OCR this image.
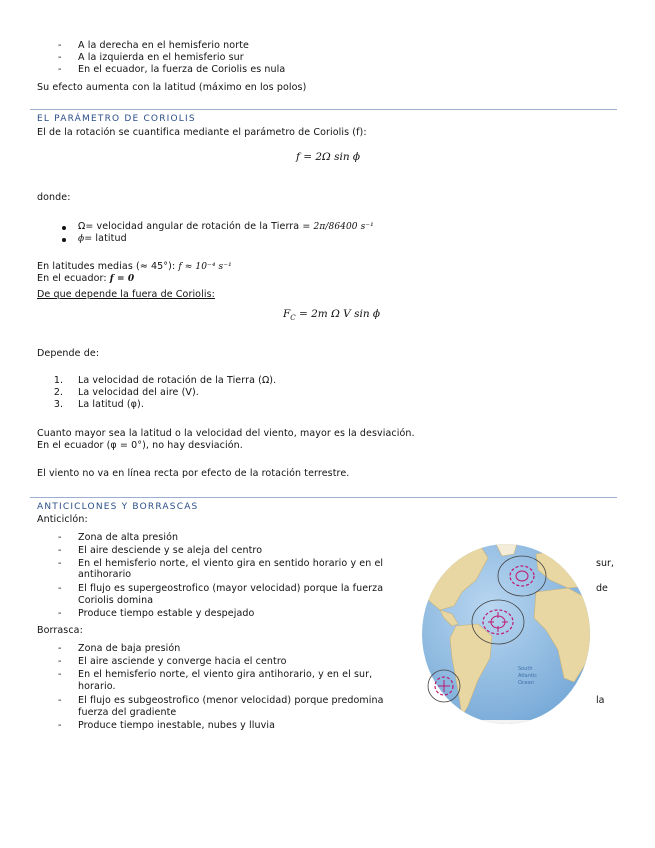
- A la derecha en el hemisferio norte
- A la izquierda en el hemisferio sur
- En el ecuador, la fuerza de Coriolis es nula
Su efecto aumenta con la latitud (máximo en los polos)
EL PARÁMETRO DE CORIOLIS
El de la rotación se cuantifica mediante el parámetro de Coriolis (f):
f = 2Ω sin ϕ
donde:
Ω= velocidad angular de rotación de la Tierra = 2π/86400 s⁻¹
ϕ= latitud
En latitudes medias (≈ 45°): f ≈ 10⁻⁴ s⁻¹
En el ecuador: f = 0
De que depende la fuera de Coriolis:
$F_C = 2m$ Ω V sin ϕ
Depende de:
1. La velocidad de rotación de la Tierra (Ω).
2. La velocidad del aire (V).
3. La latitud (φ).
Cuanto mayor sea la latitud o la velocidad del viento, mayor es la desviación.
En el ecuador (φ = 0°), no hay desviación.
El viento no va en línea recta por efecto de la rotación terrestre.
ANTICICLONES Y BORRASCAS
Anticiclón:
- Zona de alta presión
- El aire desciende y se aleja del centro
- En el hemisferio norte, el viento gira en sentido horario y en el	sur,
antihorario
- El flujo es supergeostrofico (mayor velocidad) porque la fuerza	de
Coriolis domina
- Produce tiempo estable y despejado
Borrasca:
- Zona de baja presión
- El aire asciende y converge hacia el centro
- En el hemisferio norte, el viento gira antihorario, y en el sur,
horario.
- El flujo es subgeostrofico (menor velocidad) porque predomina	la
fuerza del gradiente
- Produce tiempo inestable, nubes y lluvia
South
Atlantic
Ocean
